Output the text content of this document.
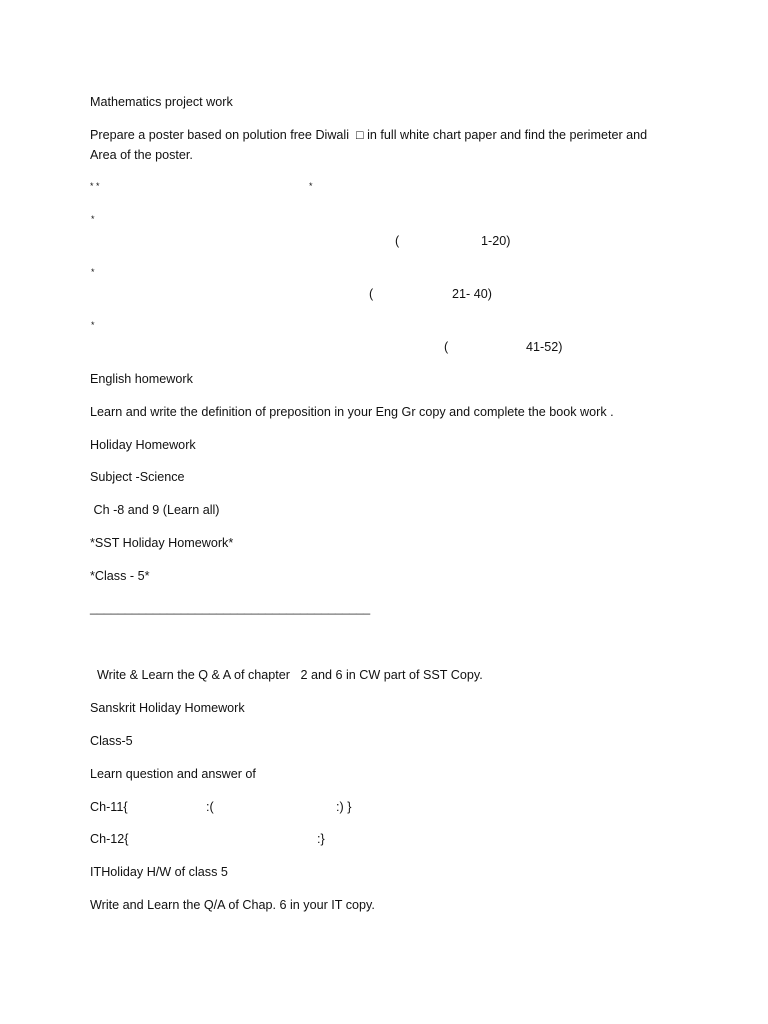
Mathematics project work
Prepare a poster based on polution free Diwali  □ in full white chart paper and find the perimeter and
Area of the poster.
* *	*
*
(	1-20)
*
(	21- 40)
*
(	41-52)
English homework
Learn and write the definition of preposition in your Eng Gr copy and complete the book work .
Holiday Homework
Subject -Science
Ch -8 and 9 (Learn all)
*SST Holiday Homework*
*Class - 5*
________________________________________
Write & Learn the Q & A of chapter   2 and 6 in CW part of SST Copy.
Sanskrit Holiday Homework
Class-5
Learn question and answer of
Ch-11{	:(	:) }
Ch-12{	:}
ITHoliday H/W of class 5
Write and Learn the Q/A of Chap. 6 in your IT copy.
